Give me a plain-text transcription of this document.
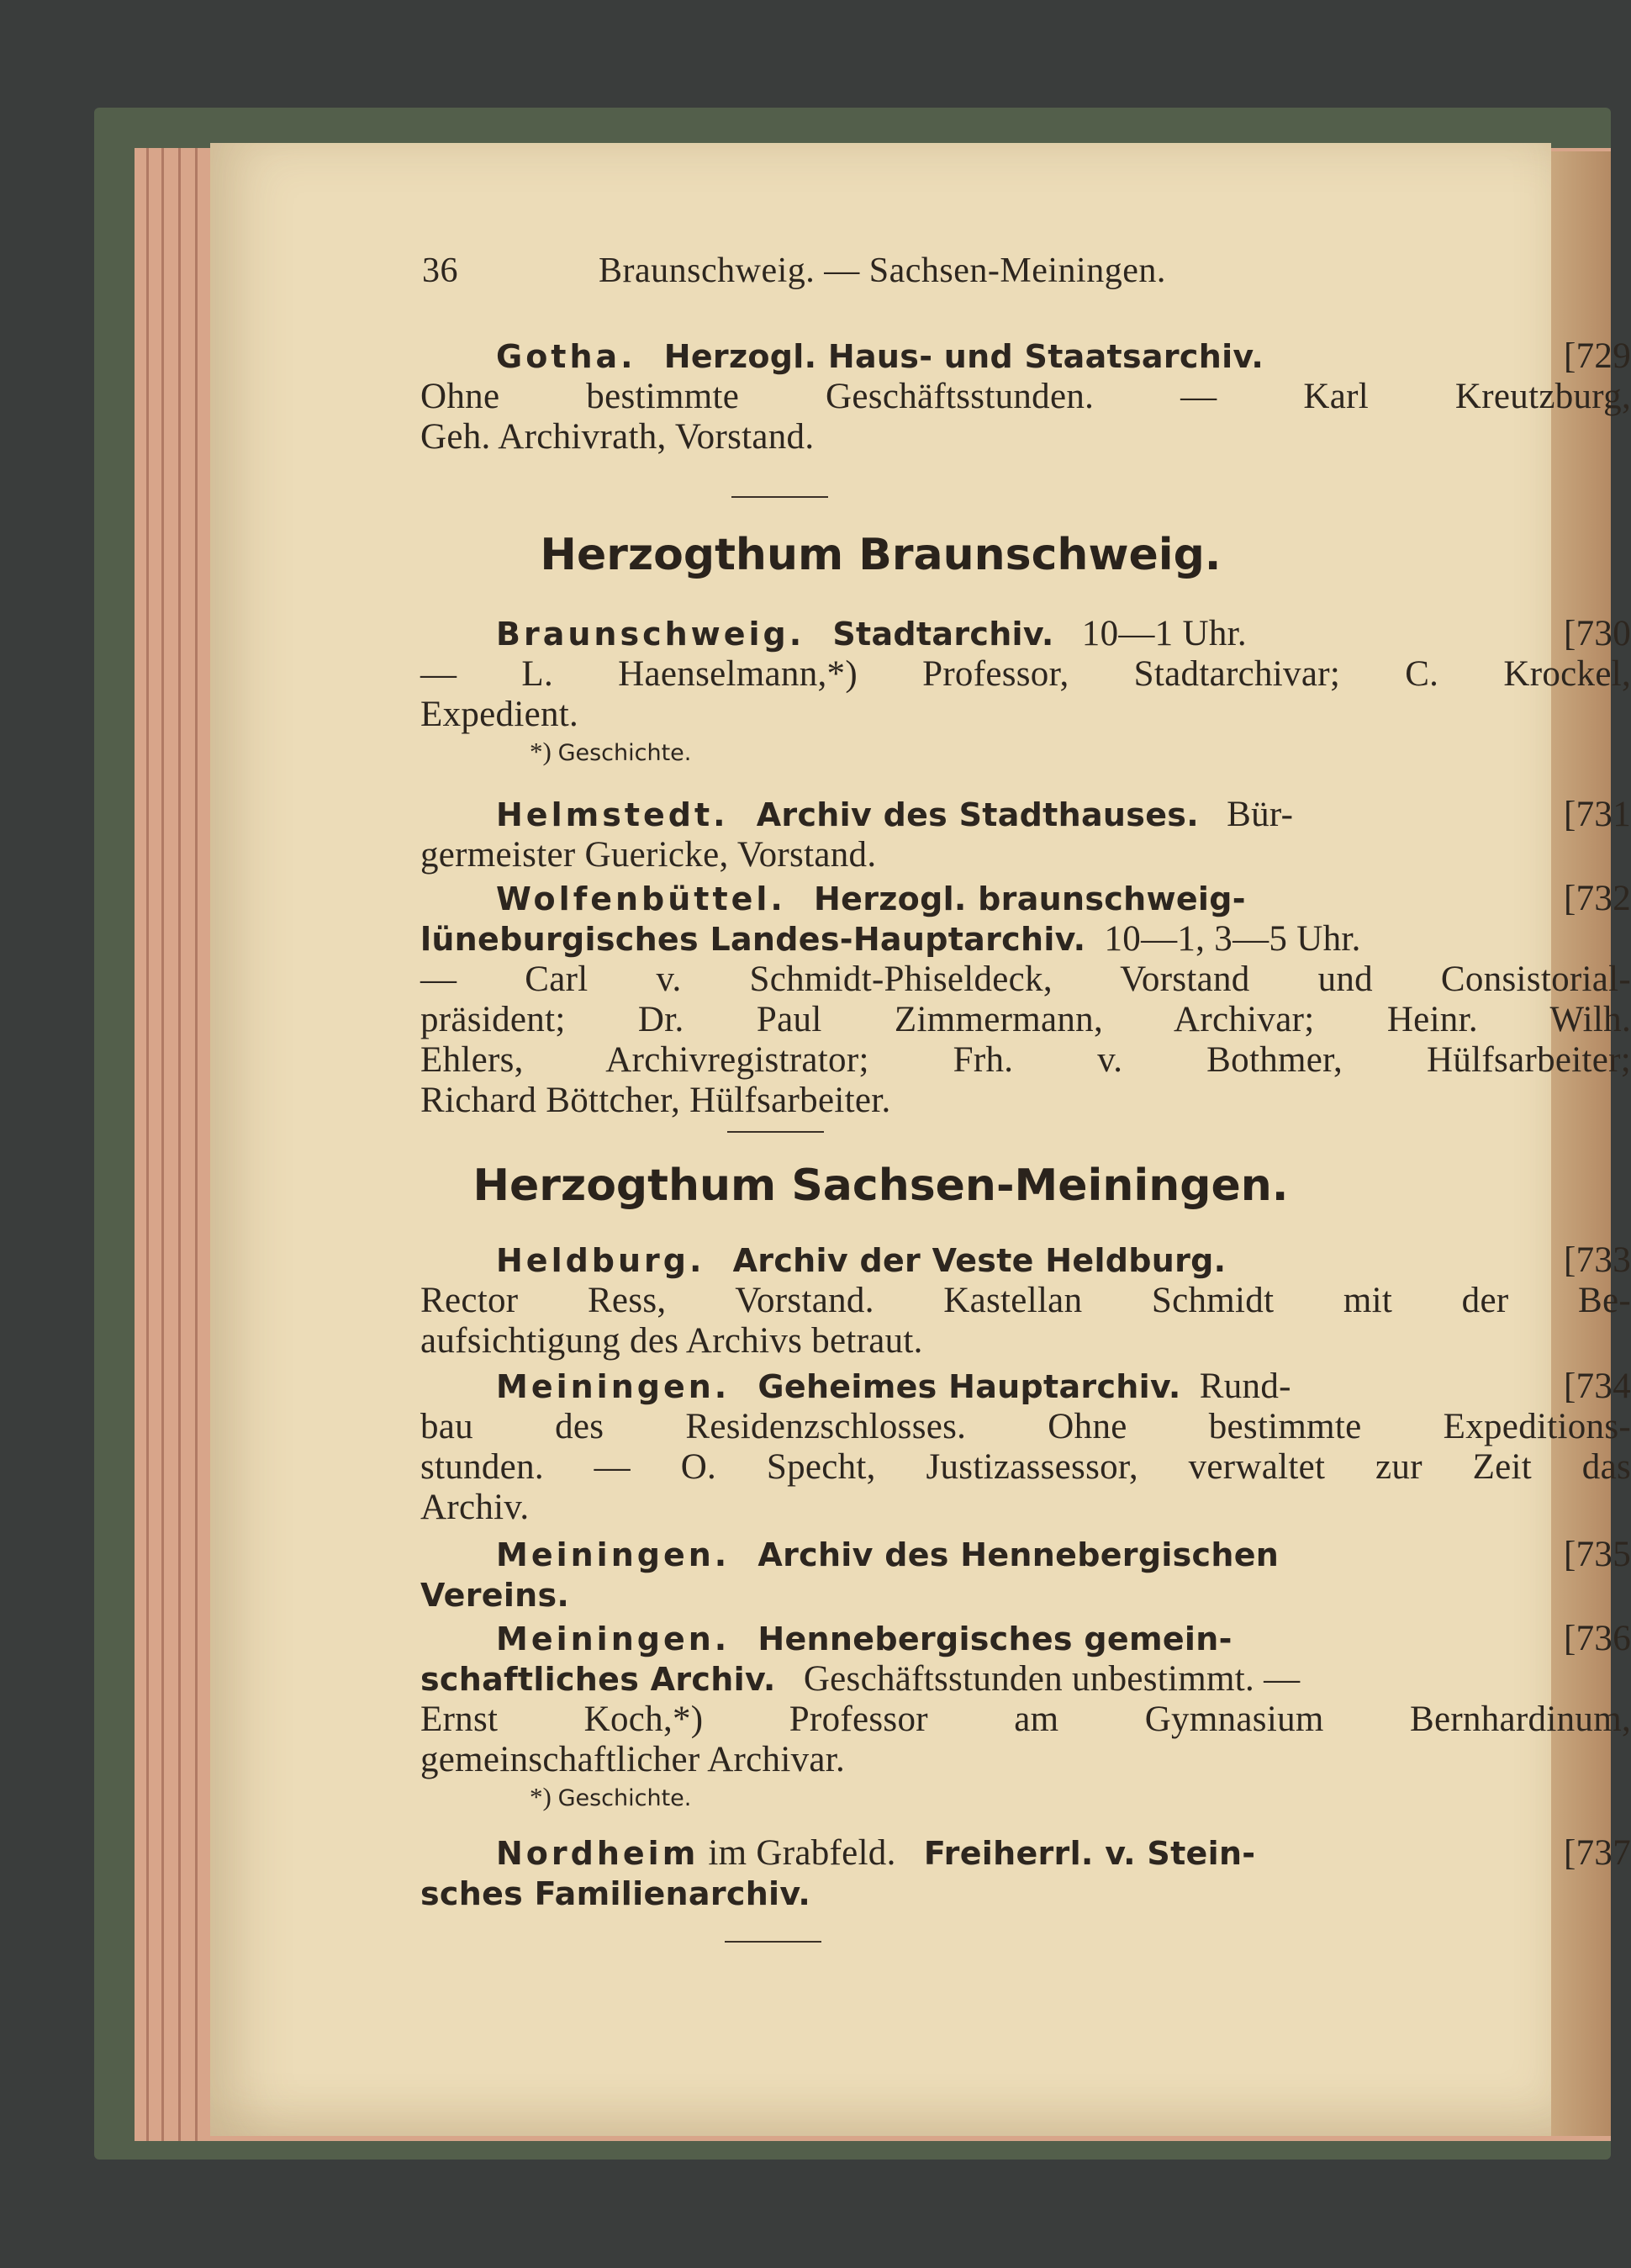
36	Braunschweig. — Sachsen-Meiningen.
Gotha. Herzogl. Haus- und Staatsarchiv.	[729
Ohne bestimmte Geschäftsstunden. — Karl Kreutzburg,
Geh. Archivrath, Vorstand.
Herzogthum Braunschweig.
Braunschweig. Stadtarchiv. 10—1 Uhr.	[730
— L. Haenselmann,*) Professor, Stadtarchivar; C. Krockel,
Expedient.
*) Geschichte.
Helmstedt. Archiv des Stadthauses. Bür-	[731
germeister Guericke, Vorstand.
Wolfenbüttel. Herzogl. braunschweig-	[732
lüneburgisches Landes-Hauptarchiv. 10—1, 3—5 Uhr.
— Carl v. Schmidt-Phiseldeck, Vorstand und Consistorial-
präsident; Dr. Paul Zimmermann, Archivar; Heinr. Wilh.
Ehlers, Archivregistrator; Frh. v. Bothmer, Hülfsarbeiter;
Richard Böttcher, Hülfsarbeiter.
Herzogthum Sachsen-Meiningen.
Heldburg. Archiv der Veste Heldburg.	[733
Rector Ress, Vorstand. Kastellan Schmidt mit der Be-
aufsichtigung des Archivs betraut.
Meiningen. Geheimes Hauptarchiv. Rund-	[734
bau des Residenzschlosses. Ohne bestimmte Expeditions-
stunden. — O. Specht, Justizassessor, verwaltet zur Zeit das
Archiv.
Meiningen. Archiv des Hennebergischen	[735
Vereins.
Meiningen. Hennebergisches gemein-	[736
schaftliches Archiv. Geschäftsstunden unbestimmt. —
Ernst Koch,*) Professor am Gymnasium Bernhardinum,
gemeinschaftlicher Archivar.
*) Geschichte.
Nordheim im Grabfeld. Freiherrl. v. Stein-	[737
sches Familienarchiv.
